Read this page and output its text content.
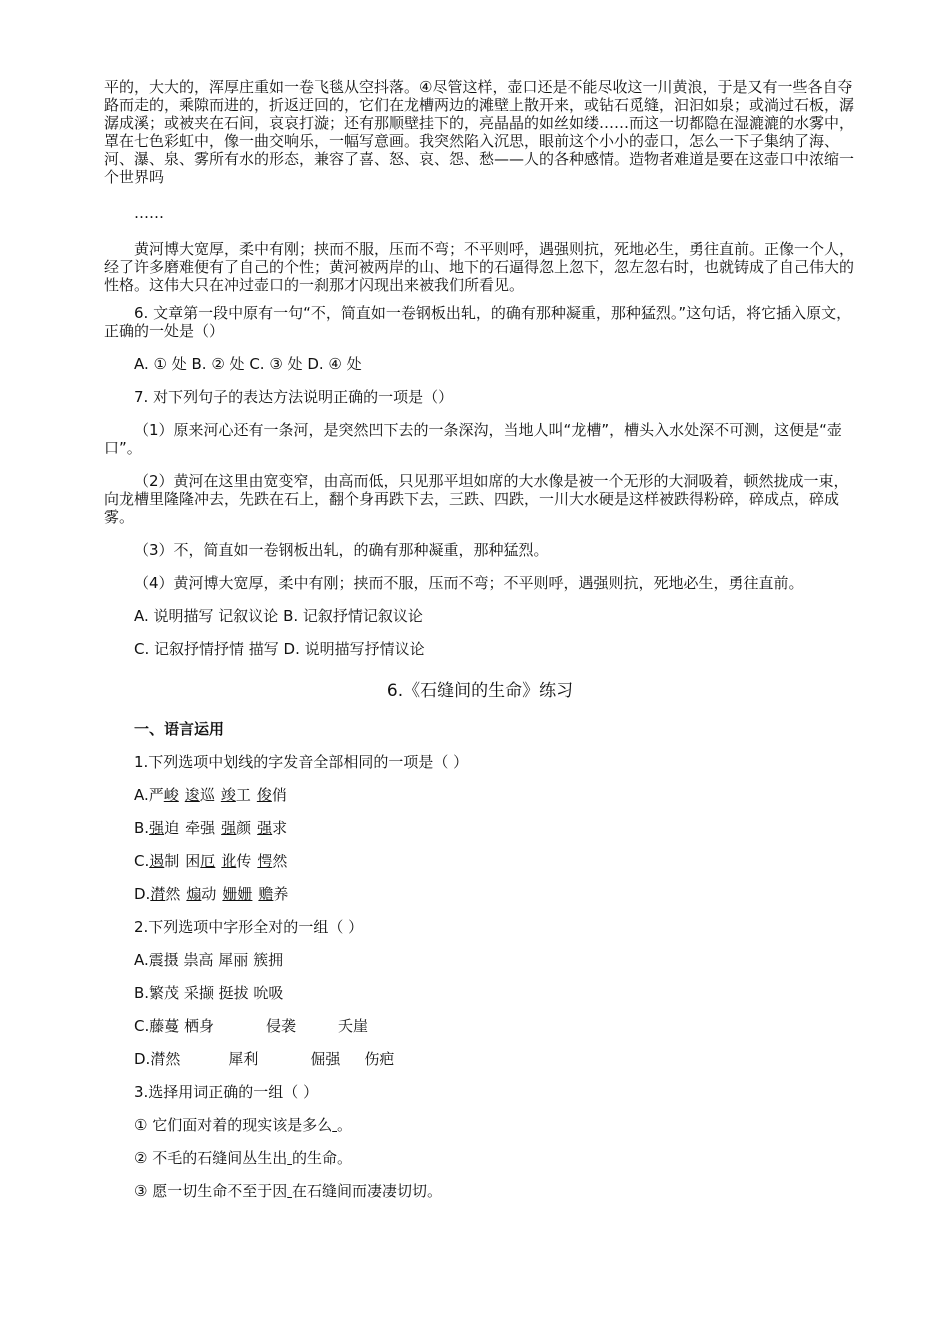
平的，大大的，浑厚庄重如一卷飞毯从空抖落。④尽管这样，壶口还是不能尽收这一川黄浪，于是又有一些各自夺路而走的，乘隙而进的，折返迂回的，它们在龙槽两边的滩壁上散开来，或钻石觅缝，汩汩如泉；或淌过石板，潺潺成溪；或被夹在石间，哀哀打漩；还有那顺壁挂下的，亮晶晶的如丝如缕……而这一切都隐在湿漉漉的水雾中，罩在七色彩虹中，像一曲交响乐，一幅写意画。我突然陷入沉思，眼前这个小小的壶口，怎么一下子集纳了海、河、瀑、泉、雾所有水的形态，兼容了喜、怒、哀、怨、愁——人的各种感情。造物者难道是要在这壶口中浓缩一个世界吗

……

黄河博大宽厚，柔中有刚；挟而不服，压而不弯；不平则呼，遇强则抗，死地必生，勇往直前。正像一个人，经了许多磨难便有了自己的个性；黄河被两岸的山、地下的石逼得忽上忽下，忽左忽右时，也就铸成了自己伟大的性格。这伟大只在冲过壶口的一刹那才闪现出来被我们所看见。

6. 文章第一段中原有一句“不，简直如一卷钢板出轧，的确有那种凝重，那种猛烈。”这句话，将它插入原文，正确的一处是（）

A. ① 处 B. ② 处 C. ③ 处 D. ④ 处

7. 对下列句子的表达方法说明正确的一项是（）

（1）原来河心还有一条河，是突然凹下去的一条深沟，当地人叫“龙槽”，槽头入水处深不可测，这便是“壶口”。

（2）黄河在这里由宽变窄，由高而低，只见那平坦如席的大水像是被一个无形的大洞吸着，顿然拢成一束，向龙槽里隆隆冲去，先跌在石上，翻个身再跌下去，三跌、四跌，一川大水硬是这样被跌得粉碎，碎成点，碎成雾。

（3）不，简直如一卷钢板出轧，的确有那种凝重，那种猛烈。

（4）黄河博大宽厚，柔中有刚；挟而不服，压而不弯；不平则呼，遇强则抗，死地必生，勇往直前。

A. 说明描写 记叙议论 B. 记叙抒情记叙议论

C. 记叙抒情抒情 描写 D. 说明描写抒情议论

6.《石缝间的生命》练习

一、语言运用

1.下列选项中划线的字发音全部相同的一项是（ ）

A.严峻 逡巡 竣工 俊俏

B.强迫 牵强 强颜 强求

C.遏制 困厄 讹传 愕然

D.潸然 煽动 姗姗 赡养

2.下列选项中字形全对的一组（ ）

A.震摄 祟高 犀丽 簇拥

B.繁茂 采撷 挺拔 吮吸

C.藤蔓 栖身	侵袭	夭崖

D.潸然	犀利	倔强 伤疤

3.选择用词正确的一组（ ）

① 它们面对着的现实该是多么 。

② 不毛的石缝间丛生出 的生命。

③ 愿一切生命不至于因 在石缝间而凄凄切切。
